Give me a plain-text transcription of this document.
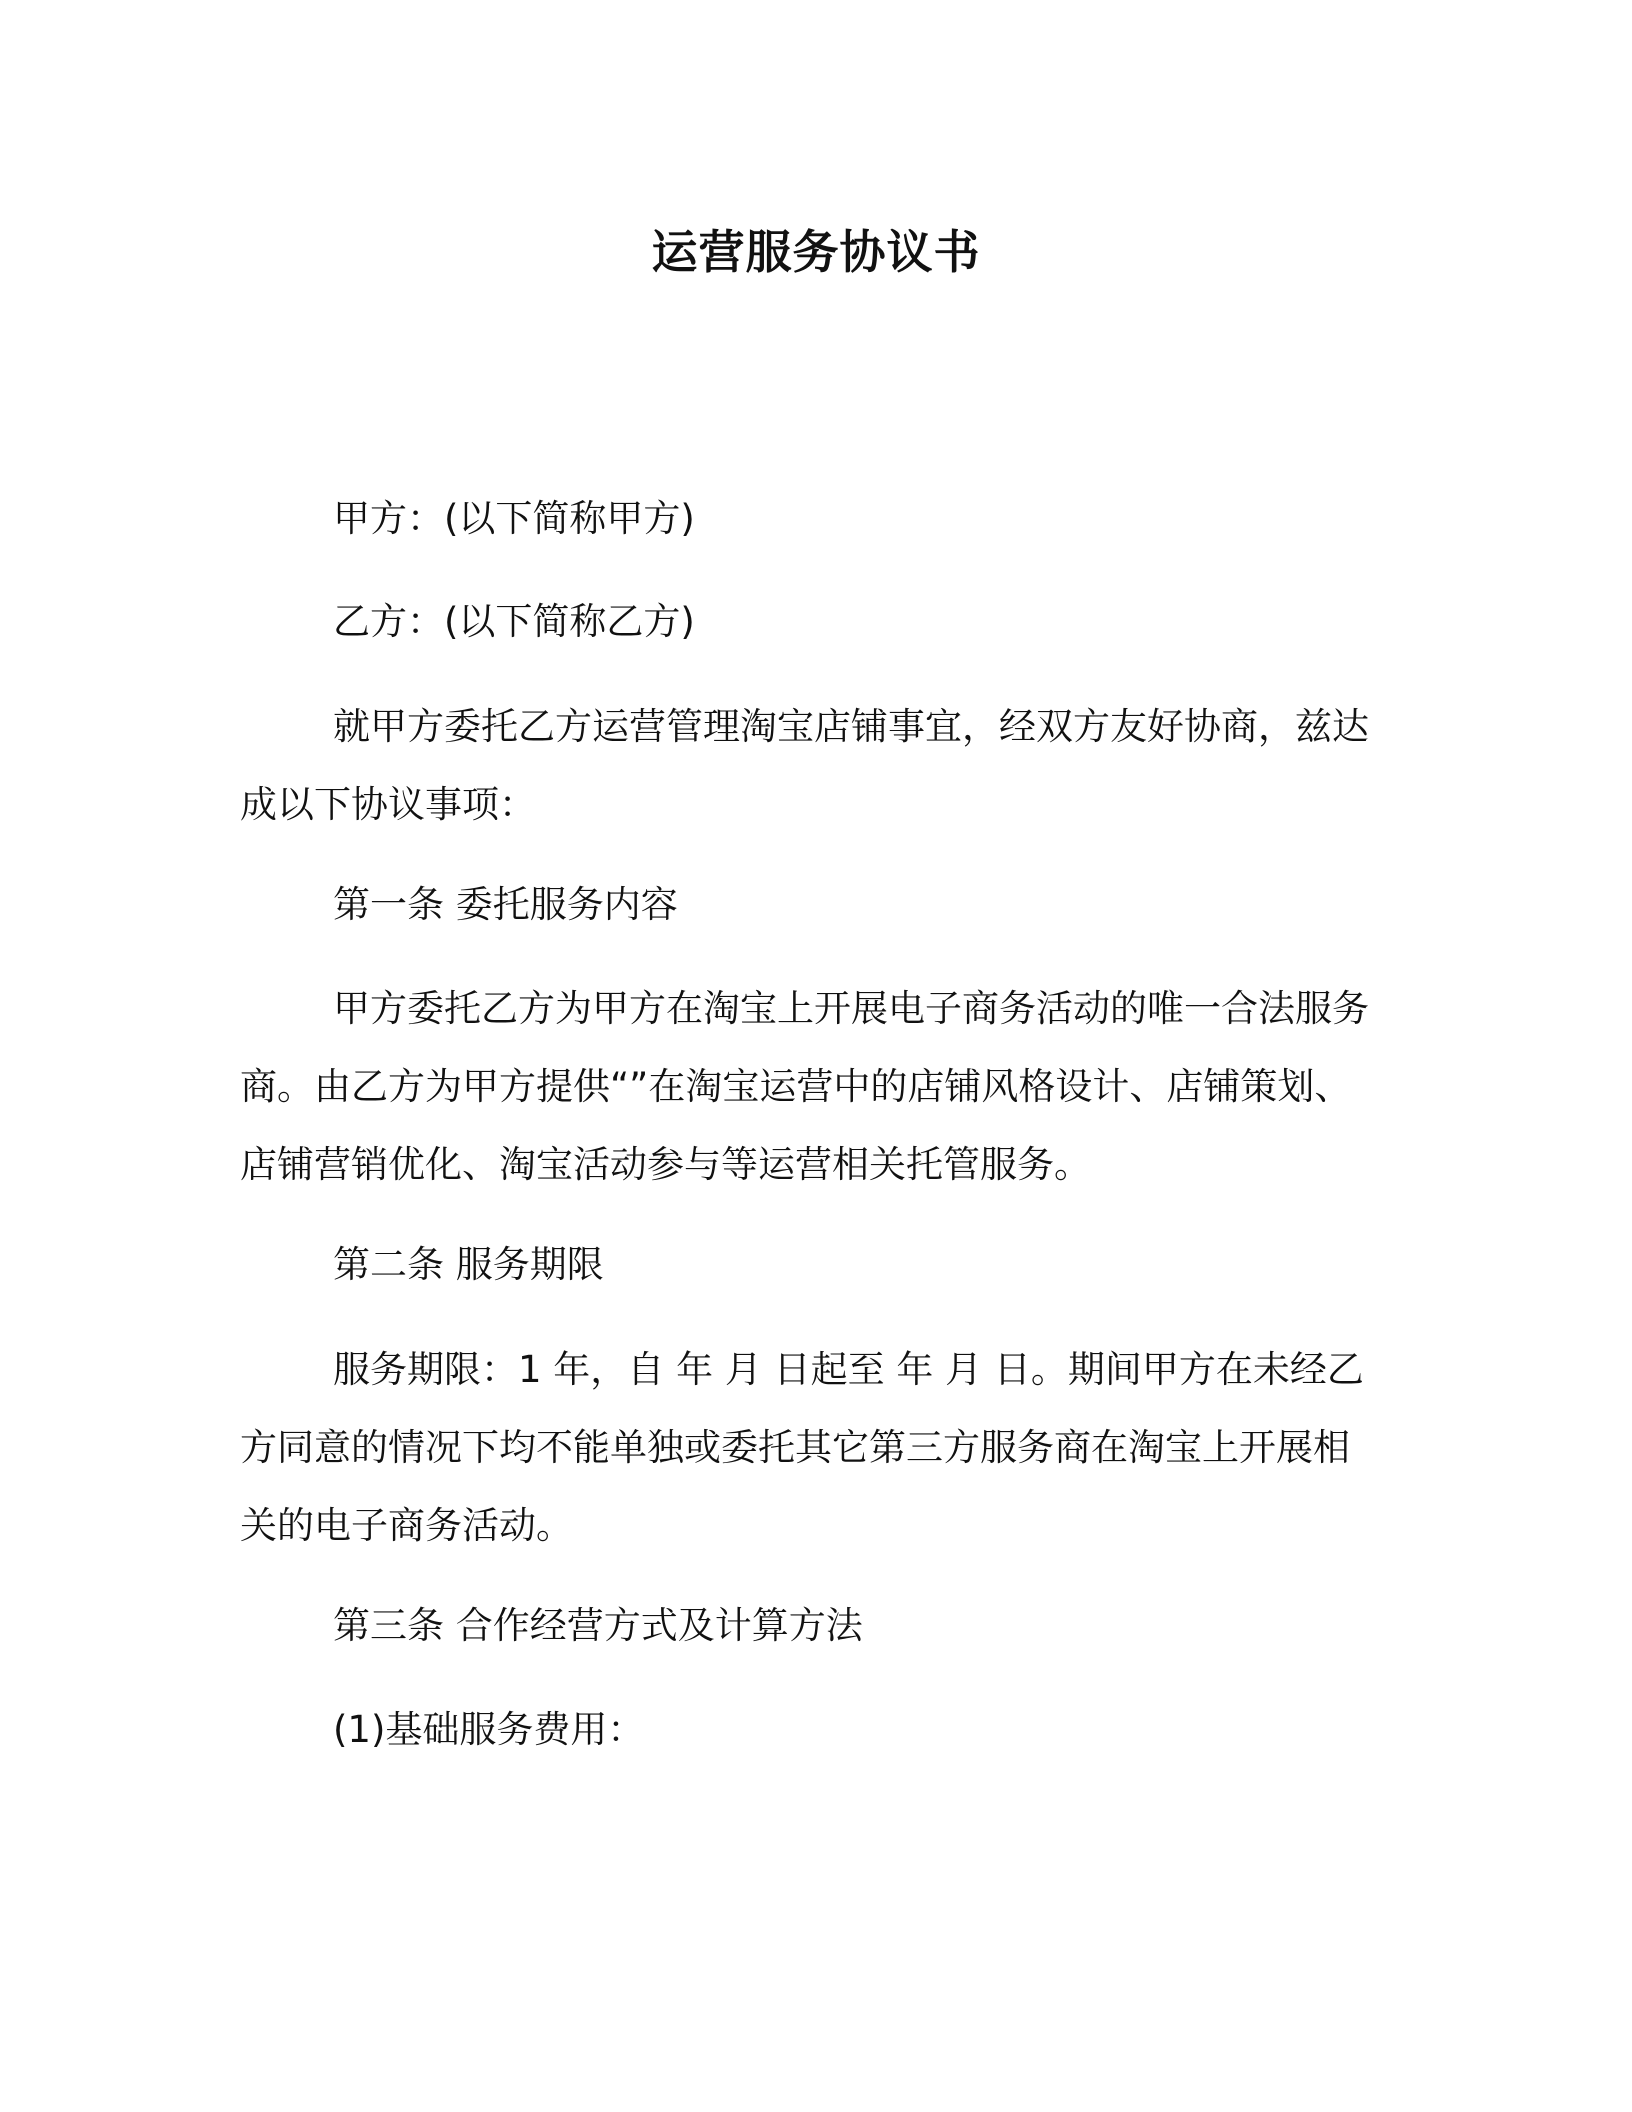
运营服务协议书

甲方：(以下简称甲方)

乙方：(以下简称乙方)

就甲方委托乙方运营管理淘宝店铺事宜，经双方友好协商，兹达

成以下协议事项：

第一条 委托服务内容

甲方委托乙方为甲方在淘宝上开展电子商务活动的唯一合法服务

商。由乙方为甲方提供“”在淘宝运营中的店铺风格设计、店铺策划、

店铺营销优化、淘宝活动参与等运营相关托管服务。

第二条 服务期限

服务期限：1 年，自 年 月 日起至 年 月 日。期间甲方在未经乙

方同意的情况下均不能单独或委托其它第三方服务商在淘宝上开展相

关的电子商务活动。

第三条 合作经营方式及计算方法

(1)基础服务费用：
